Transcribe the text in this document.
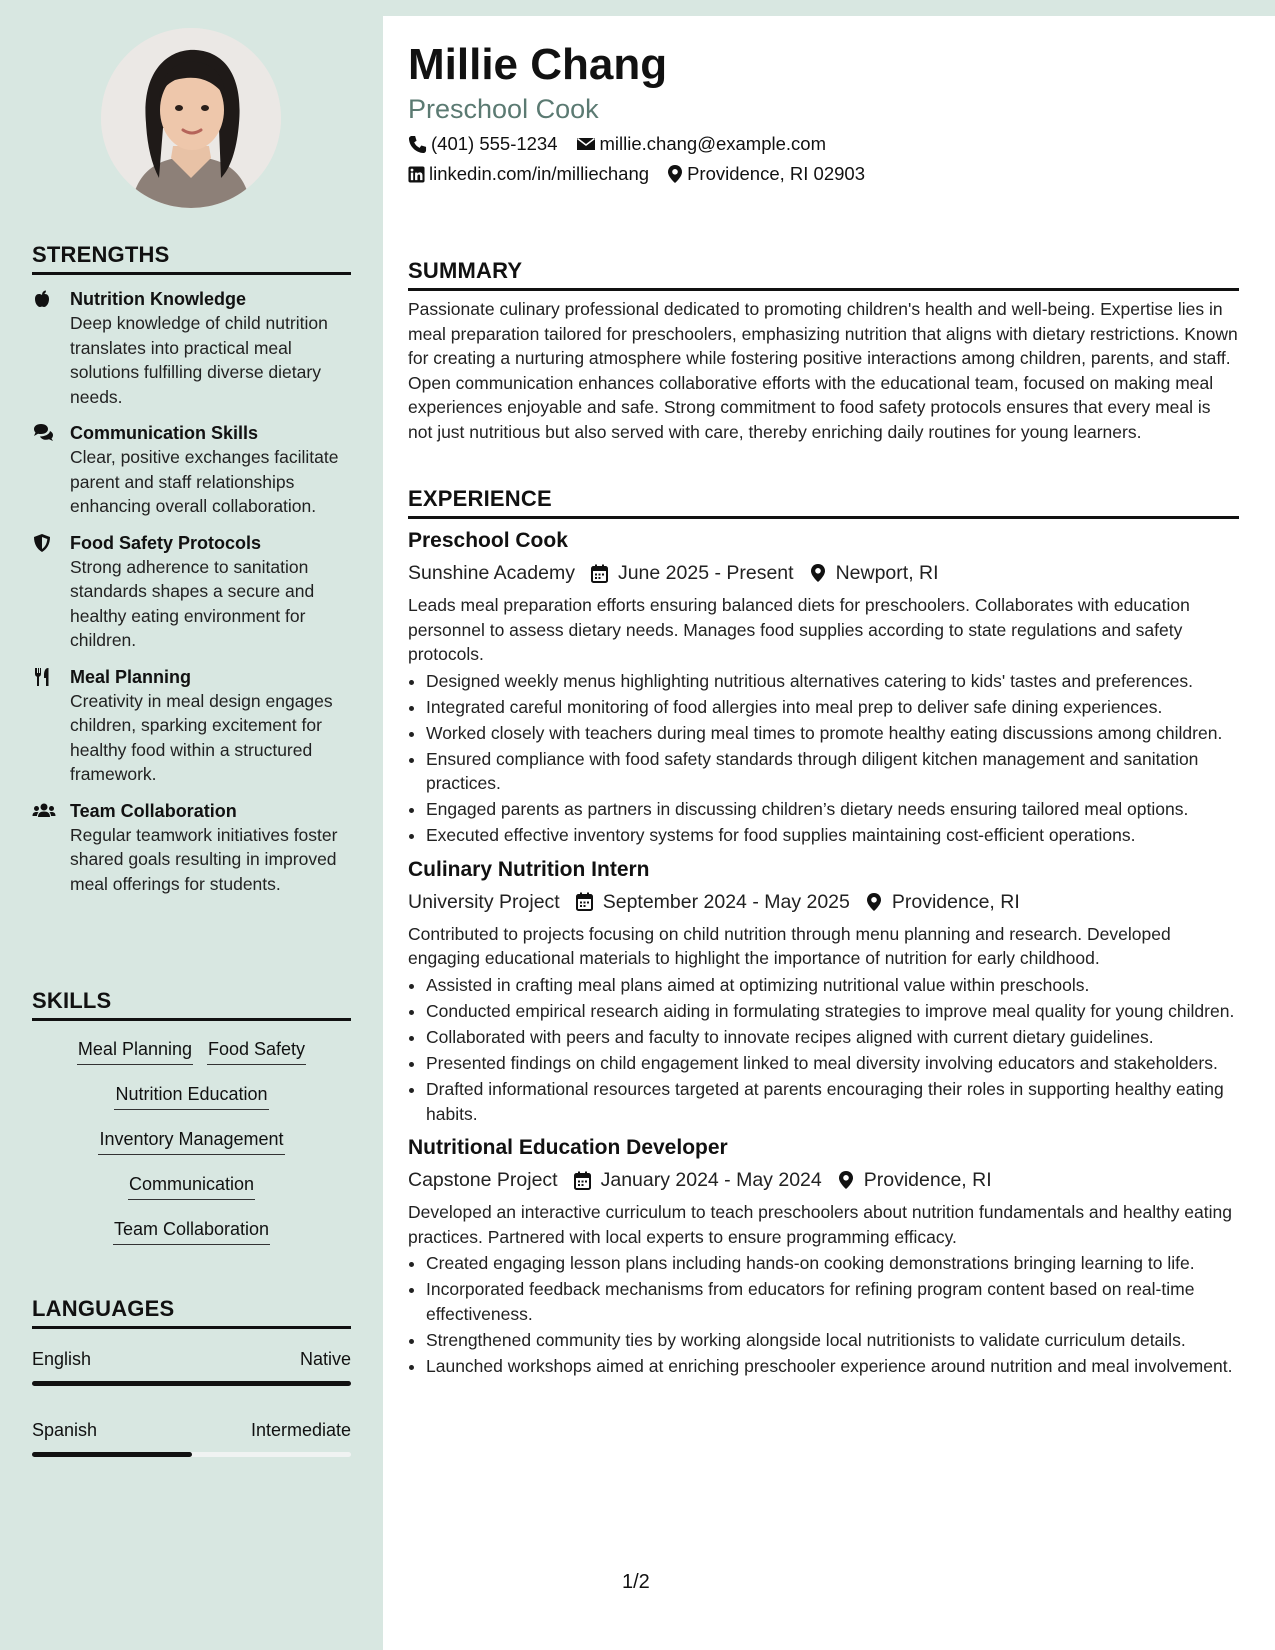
STRENGTHS
Nutrition Knowledge
Deep knowledge of child nutrition translates into practical meal solutions fulfilling diverse dietary needs.
Communication Skills
Clear, positive exchanges facilitate parent and staff relationships enhancing overall collaboration.
Food Safety Protocols
Strong adherence to sanitation standards shapes a secure and healthy eating environment for children.
Meal Planning
Creativity in meal design engages children, sparking excitement for healthy food within a structured framework.
Team Collaboration
Regular teamwork initiatives foster shared goals resulting in improved meal offerings for students.
SKILLS
Meal Planning Food Safety
Nutrition Education
Inventory Management
Communication
Team Collaboration
LANGUAGES
English	Native
Spanish	Intermediate
Millie Chang
Preschool Cook
(401) 555-1234 millie.chang@example.com
linkedin.com/in/milliechang Providence, RI 02903
SUMMARY
Passionate culinary professional dedicated to promoting children's health and well-being. Expertise lies in meal preparation tailored for preschoolers, emphasizing nutrition that aligns with dietary restrictions. Known for creating a nurturing atmosphere while fostering positive interactions among children, parents, and staff. Open communication enhances collaborative efforts with the educational team, focused on making meal experiences enjoyable and safe. Strong commitment to food safety protocols ensures that every meal is not just nutritious but also served with care, thereby enriching daily routines for young learners.
EXPERIENCE
Preschool Cook
Sunshine Academy June 2025 - Present Newport, RI
Leads meal preparation efforts ensuring balanced diets for preschoolers. Collaborates with education personnel to assess dietary needs. Manages food supplies according to state regulations and safety protocols.
• Designed weekly menus highlighting nutritious alternatives catering to kids' tastes and preferences.
• Integrated careful monitoring of food allergies into meal prep to deliver safe dining experiences.
• Worked closely with teachers during meal times to promote healthy eating discussions among children.
• Ensured compliance with food safety standards through diligent kitchen management and sanitation practices.
• Engaged parents as partners in discussing children’s dietary needs ensuring tailored meal options.
• Executed effective inventory systems for food supplies maintaining cost-efficient operations.
Culinary Nutrition Intern
University Project September 2024 - May 2025 Providence, RI
Contributed to projects focusing on child nutrition through menu planning and research. Developed engaging educational materials to highlight the importance of nutrition for early childhood.
• Assisted in crafting meal plans aimed at optimizing nutritional value within preschools.
• Conducted empirical research aiding in formulating strategies to improve meal quality for young children.
• Collaborated with peers and faculty to innovate recipes aligned with current dietary guidelines.
• Presented findings on child engagement linked to meal diversity involving educators and stakeholders.
• Drafted informational resources targeted at parents encouraging their roles in supporting healthy eating habits.
Nutritional Education Developer
Capstone Project January 2024 - May 2024 Providence, RI
Developed an interactive curriculum to teach preschoolers about nutrition fundamentals and healthy eating practices. Partnered with local experts to ensure programming efficacy.
• Created engaging lesson plans including hands-on cooking demonstrations bringing learning to life.
• Incorporated feedback mechanisms from educators for refining program content based on real-time effectiveness.
• Strengthened community ties by working alongside local nutritionists to validate curriculum details.
• Launched workshops aimed at enriching preschooler experience around nutrition and meal involvement.
1/2
